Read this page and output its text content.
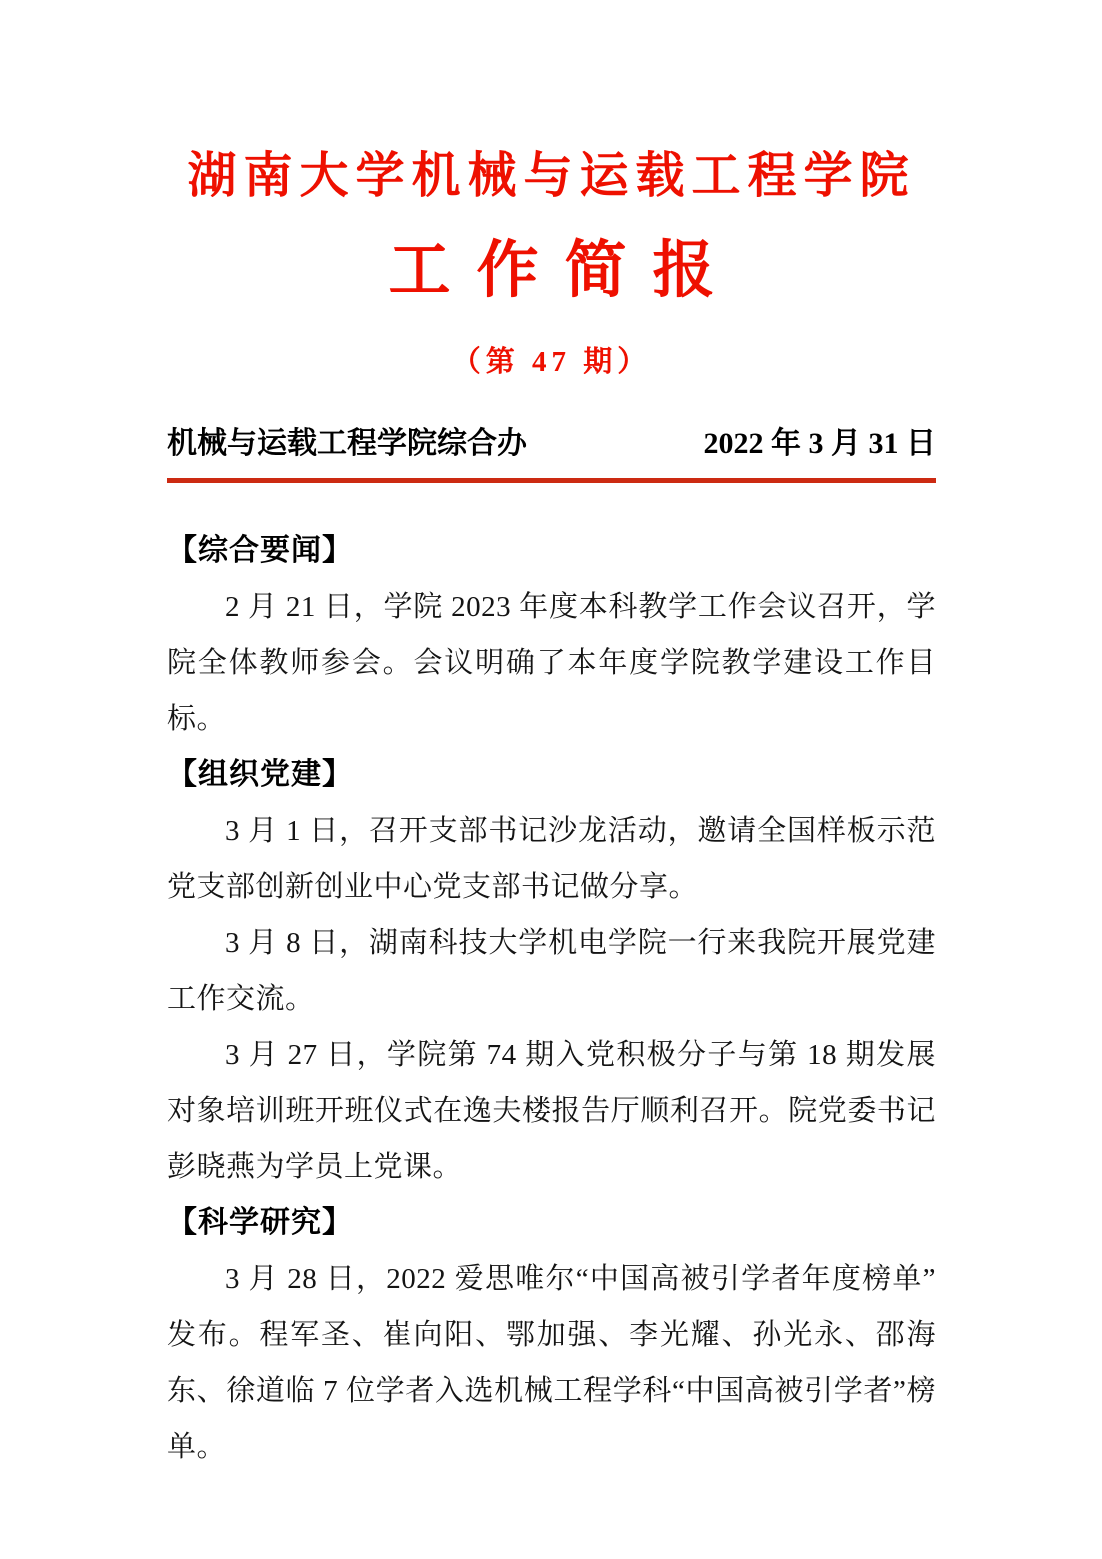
湖南大学机械与运载工程学院
工作简报
（第 47 期）
机械与运载工程学院综合办	2022 年 3 月 31 日
【综合要闻】

2 月 21 日，学院 2023 年度本科教学工作会议召开，学院全体教师参会。会议明确了本年度学院教学建设工作目标。

【组织党建】

3 月 1 日，召开支部书记沙龙活动，邀请全国样板示范党支部创新创业中心党支部书记做分享。

3 月 8 日，湖南科技大学机电学院一行来我院开展党建工作交流。

3 月 27 日，学院第 74 期入党积极分子与第 18 期发展对象培训班开班仪式在逸夫楼报告厅顺利召开。院党委书记彭晓燕为学员上党课。

【科学研究】

3 月 28 日，2022 爱思唯尔“中国高被引学者年度榜单”发布。程军圣、崔向阳、鄂加强、李光耀、孙光永、邵海东、徐道临 7 位学者入选机械工程学科“中国高被引学者”榜单。
